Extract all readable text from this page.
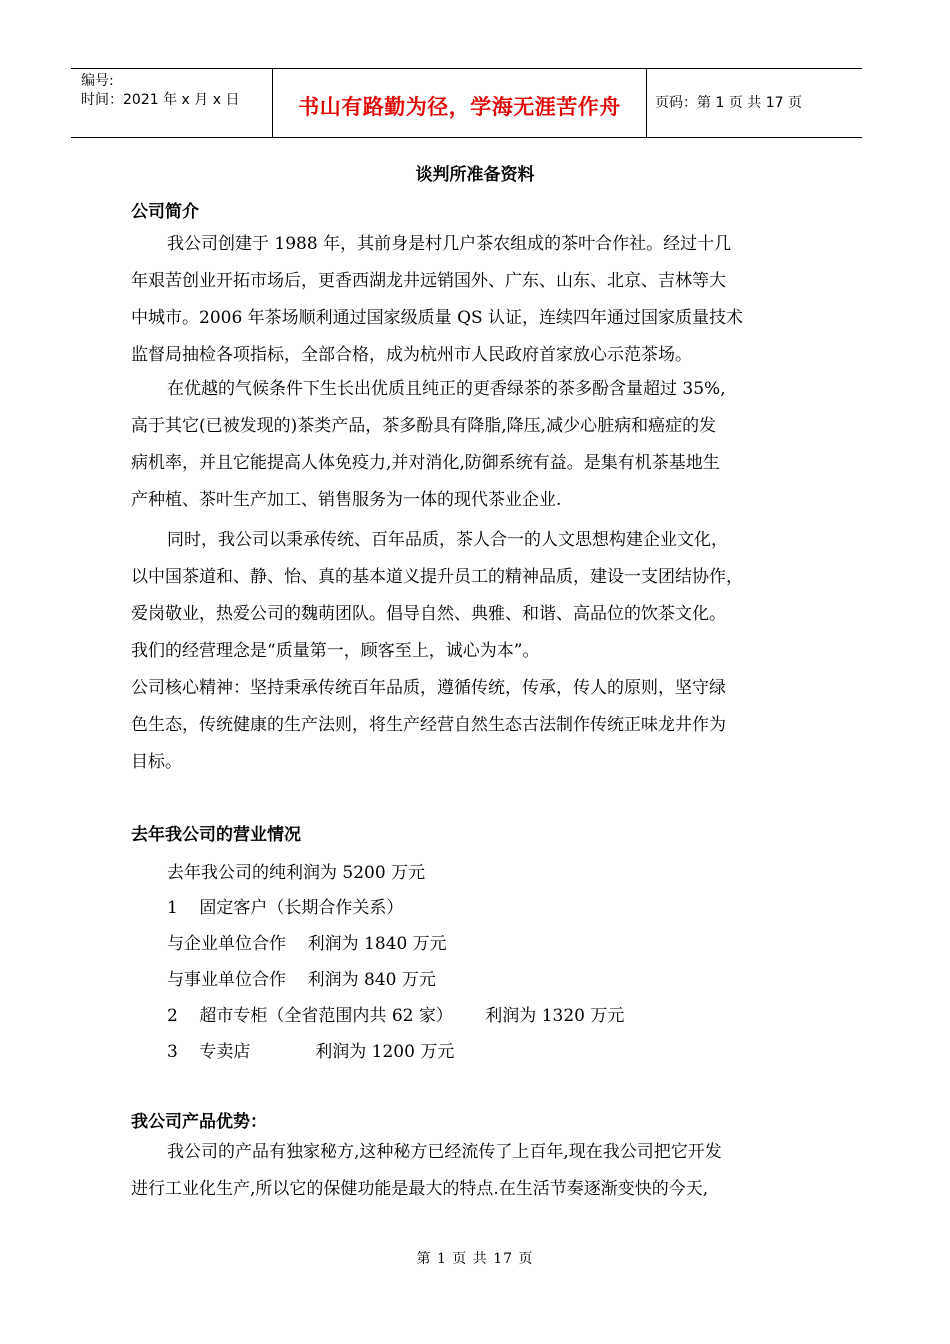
编号:
时间：2021 年 x 月 x 日	书山有路勤为径，学海无涯苦作舟	页码：第 1 页 共 17 页
谈判所准备资料
公司简介
我公司创建于 1988 年，其前身是村几户茶农组成的茶叶合作社。经过十几
年艰苦创业开拓市场后，更香西湖龙井远销国外、广东、山东、北京、吉林等大
中城市。2006 年茶场顺利通过国家级质量 QS 认证，连续四年通过国家质量技术
监督局抽检各项指标，全部合格，成为杭州市人民政府首家放心示范茶场。
在优越的气候条件下生长出优质且纯正的更香绿茶的茶多酚含量超过 35%,
高于其它(已被发现的)茶类产品，茶多酚具有降脂,降压,减少心脏病和癌症的发
病机率，并且它能提高人体免疫力,并对消化,防御系统有益。是集有机茶基地生
产种植、茶叶生产加工、销售服务为一体的现代茶业企业.
同时，我公司以秉承传统、百年品质，茶人合一的人文思想构建企业文化，
以中国茶道和、静、怡、真的基本道义提升员工的精神品质，建设一支团结协作，
爱岗敬业，热爱公司的魏萌团队。倡导自然、典雅、和谐、高品位的饮茶文化。
我们的经营理念是“质量第一，顾客至上，诚心为本”。
公司核心精神：坚持秉承传统百年品质，遵循传统，传承，传人的原则，坚守绿
色生态，传统健康的生产法则，将生产经营自然生态古法制作传统正味龙井作为
目标。
去年我公司的营业情况
去年我公司的纯利润为 5200 万元
1    固定客户（长期合作关系）
与企业单位合作    利润为 1840 万元
与事业单位合作    利润为 840 万元
2    超市专柜（全省范围内共 62 家）      利润为 1320 万元
3    专卖店            利润为 1200 万元
我公司产品优势：
我公司的产品有独家秘方,这种秘方已经流传了上百年,现在我公司把它开发
进行工业化生产,所以它的保健功能是最大的特点.在生活节奏逐渐变快的今天,
第 1 页 共 17 页
